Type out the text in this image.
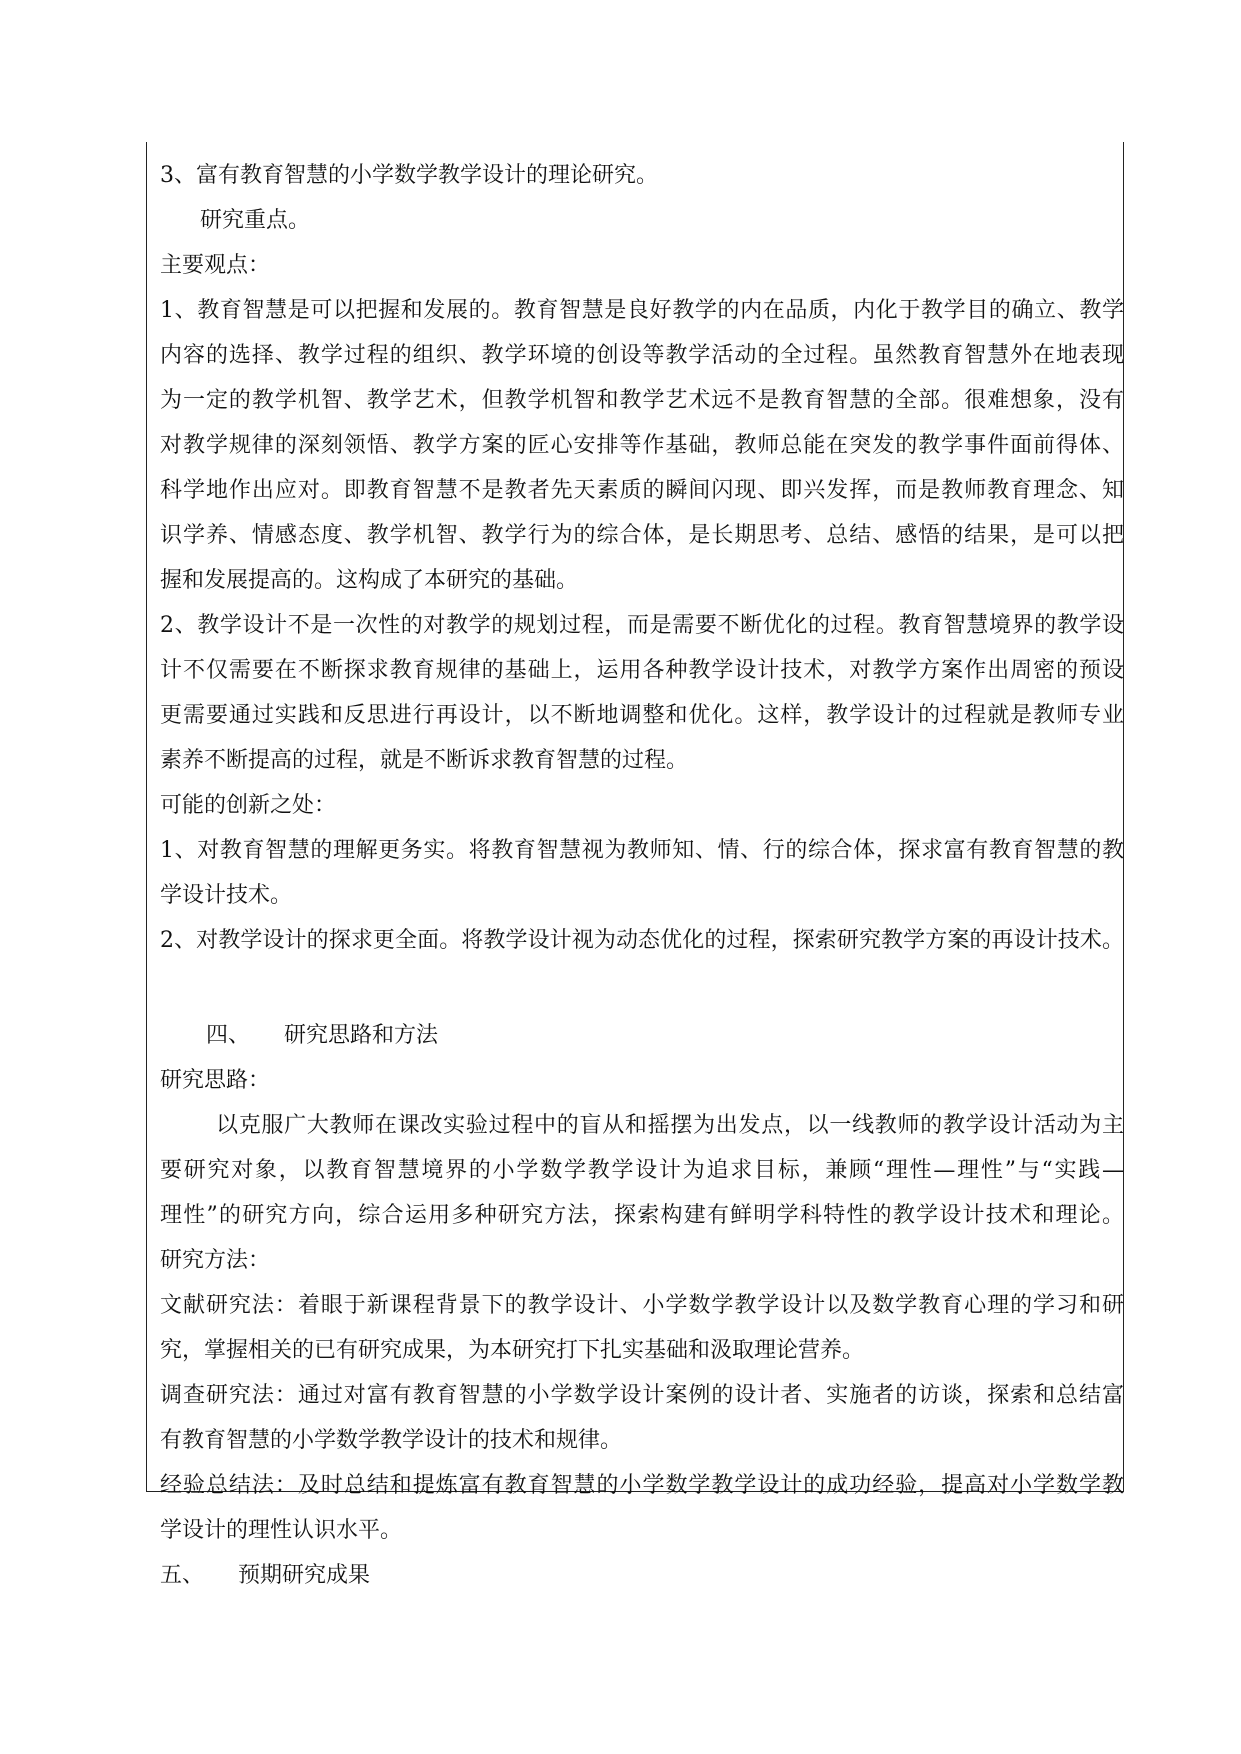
3、富有教育智慧的小学数学教学设计的理论研究。
研究重点。
主要观点：
1、教育智慧是可以把握和发展的。教育智慧是良好教学的内在品质，内化于教学目的确立、教学
内容的选择、教学过程的组织、教学环境的创设等教学活动的全过程。虽然教育智慧外在地表现
为一定的教学机智、教学艺术，但教学机智和教学艺术远不是教育智慧的全部。很难想象，没有
对教学规律的深刻领悟、教学方案的匠心安排等作基础，教师总能在突发的教学事件面前得体、
科学地作出应对。即教育智慧不是教者先天素质的瞬间闪现、即兴发挥，而是教师教育理念、知
识学养、情感态度、教学机智、教学行为的综合体，是长期思考、总结、感悟的结果，是可以把
握和发展提高的。这构成了本研究的基础。
2、教学设计不是一次性的对教学的规划过程，而是需要不断优化的过程。教育智慧境界的教学设
计不仅需要在不断探求教育规律的基础上，运用各种教学设计技术，对教学方案作出周密的预设
更需要通过实践和反思进行再设计，以不断地调整和优化。这样，教学设计的过程就是教师专业
素养不断提高的过程，就是不断诉求教育智慧的过程。
可能的创新之处：
1、对教育智慧的理解更务实。将教育智慧视为教师知、情、行的综合体，探求富有教育智慧的教
学设计技术。
2、对教学设计的探求更全面。将教学设计视为动态优化的过程，探索研究教学方案的再设计技术。
四、 研究思路和方法
研究思路：
以克服广大教师在课改实验过程中的盲从和摇摆为出发点，以一线教师的教学设计活动为主
要研究对象，以教育智慧境界的小学数学教学设计为追求目标，兼顾“理性—理性”与“实践—
理性”的研究方向，综合运用多种研究方法，探索构建有鲜明学科特性的教学设计技术和理论。
研究方法：
文献研究法：着眼于新课程背景下的教学设计、小学数学教学设计以及数学教育心理的学习和研
究，掌握相关的已有研究成果，为本研究打下扎实基础和汲取理论营养。
调查研究法：通过对富有教育智慧的小学数学设计案例的设计者、实施者的访谈，探索和总结富
有教育智慧的小学数学教学设计的技术和规律。
经验总结法：及时总结和提炼富有教育智慧的小学数学教学设计的成功经验，提高对小学数学教
学设计的理性认识水平。
五、 预期研究成果
